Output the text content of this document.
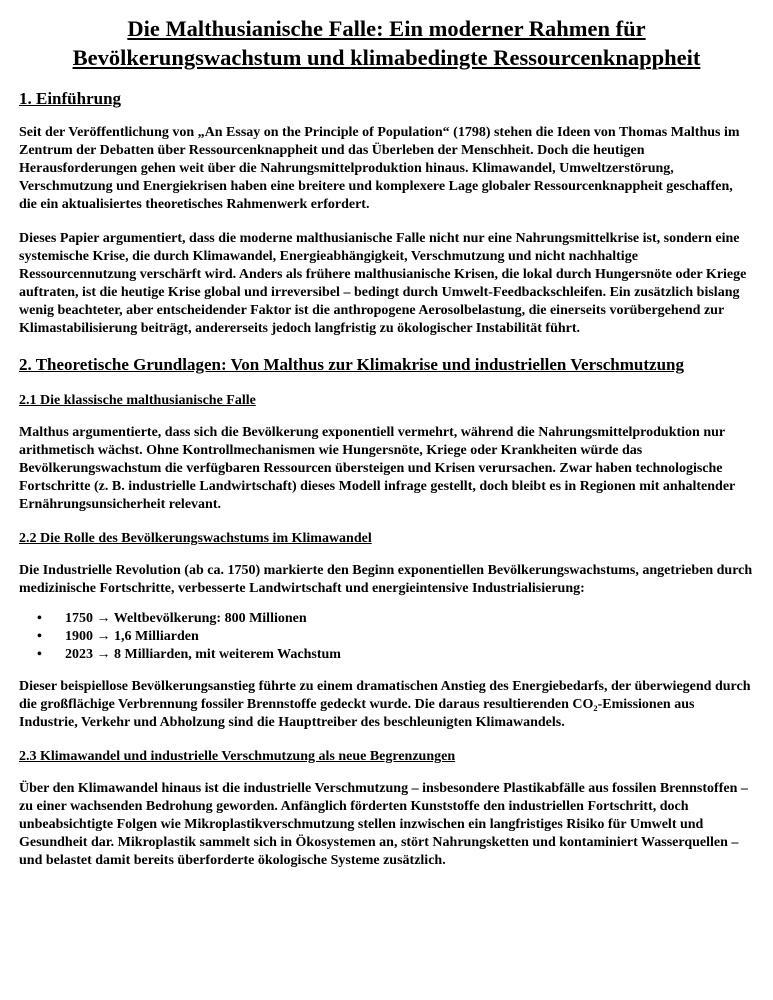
Die Malthusianische Falle: Ein moderner Rahmen für Bevölkerungswachstum und klimabedingte Ressourcenknappheit
1. Einführung

Seit der Veröffentlichung von „An Essay on the Principle of Population“ (1798) stehen die Ideen von Thomas Malthus im Zentrum der Debatten über Ressourcenknappheit und das Überleben der Menschheit. Doch die heutigen Herausforderungen gehen weit über die Nahrungsmittelproduktion hinaus. Klimawandel, Umweltzerstörung, Verschmutzung und Energiekrisen haben eine breitere und komplexere Lage globaler Ressourcenknappheit geschaffen, die ein aktualisiertes theoretisches Rahmenwerk erfordert.

Dieses Papier argumentiert, dass die moderne malthusianische Falle nicht nur eine Nahrungsmittelkrise ist, sondern eine systemische Krise, die durch Klimawandel, Energieabhängigkeit, Verschmutzung und nicht nachhaltige Ressourcennutzung verschärft wird. Anders als frühere malthusianische Krisen, die lokal durch Hungersnöte oder Kriege auftraten, ist die heutige Krise global und irreversibel – bedingt durch Umwelt-Feedbackschleifen. Ein zusätzlich bislang wenig beachteter, aber entscheidender Faktor ist die anthropogene Aerosolbelastung, die einerseits vorübergehend zur Klimastabilisierung beiträgt, andererseits jedoch langfristig zu ökologischer Instabilität führt.

2. Theoretische Grundlagen: Von Malthus zur Klimakrise und industriellen Verschmutzung
2.1 Die klassische malthusianische Falle

Malthus argumentierte, dass sich die Bevölkerung exponentiell vermehrt, während die Nahrungsmittelproduktion nur arithmetisch wächst. Ohne Kontrollmechanismen wie Hungersnöte, Kriege oder Krankheiten würde das Bevölkerungswachstum die verfügbaren Ressourcen übersteigen und Krisen verursachen. Zwar haben technologische Fortschritte (z. B. industrielle Landwirtschaft) dieses Modell infrage gestellt, doch bleibt es in Regionen mit anhaltender Ernährungsunsicherheit relevant.

2.2 Die Rolle des Bevölkerungswachstums im Klimawandel

Die Industrielle Revolution (ab ca. 1750) markierte den Beginn exponentiellen Bevölkerungswachstums, angetrieben durch medizinische Fortschritte, verbesserte Landwirtschaft und energieintensive Industrialisierung:

•	1750 → Weltbevölkerung: 800 Millionen
•	1900 → 1,6 Milliarden
•	2023 → 8 Milliarden, mit weiterem Wachstum

Dieser beispiellose Bevölkerungsanstieg führte zu einem dramatischen Anstieg des Energiebedarfs, der überwiegend durch die großflächige Verbrennung fossiler Brennstoffe gedeckt wurde. Die daraus resultierenden CO₂-Emissionen aus Industrie, Verkehr und Abholzung sind die Haupttreiber des beschleunigten Klimawandels.

2.3 Klimawandel und industrielle Verschmutzung als neue Begrenzungen

Über den Klimawandel hinaus ist die industrielle Verschmutzung – insbesondere Plastikabfälle aus fossilen Brennstoffen – zu einer wachsenden Bedrohung geworden. Anfänglich förderten Kunststoffe den industriellen Fortschritt, doch unbeabsichtigte Folgen wie Mikroplastikverschmutzung stellen inzwischen ein langfristiges Risiko für Umwelt und Gesundheit dar. Mikroplastik sammelt sich in Ökosystemen an, stört Nahrungsketten und kontaminiert Wasserquellen – und belastet damit bereits überforderte ökologische Systeme zusätzlich.
